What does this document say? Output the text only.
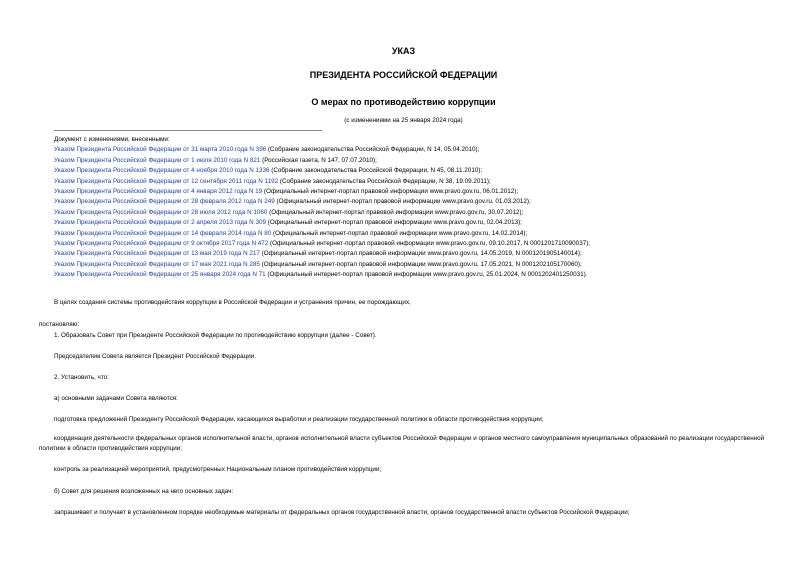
УКАЗ
ПРЕЗИДЕНТА РОССИЙСКОЙ ФЕДЕРАЦИИ
О мерах по противодействию коррупции
(с изменениями на 25 января 2024 года)
Документ с изменениями, внесенными:
Указом Президента Российской Федерации от 31 марта 2010 года N 396 (Собрание законодательства Российской Федерации, N 14, 05.04.2010);
Указом Президента Российской Федерации от 1 июля 2010 года N 821 (Российская газета, N 147, 07.07.2010);
Указом Президента Российской Федерации от 4 ноября 2010 года N 1336 (Собрание законодательства Российской Федерации, N 45, 08.11.2010);
Указом Президента Российской Федерации от 12 сентября 2011 года N 1192 (Собрание законодательства Российской Федерации, N 38, 19.09.2011);
Указом Президента Российской Федерации от 4 января 2012 года N 19 (Официальный интернет-портал правовой информации www.pravo.gov.ru, 06.01.2012);
Указом Президента Российской Федерации от 28 февраля 2012 года N 249 (Официальный интернет-портал правовой информации www.pravo.gov.ru, 01.03.2012);
Указом Президента Российской Федерации от 28 июля 2012 года N 1060 (Официальный интернет-портал правовой информации www.pravo.gov.ru, 30.07.2012);
Указом Президента Российской Федерации от 2 апреля 2013 года N 309 (Официальный интернет-портал правовой информации www.pravo.gov.ru, 02.04.2013);
Указом Президента Российской Федерации от 14 февраля 2014 года N 80 (Официальный интернет-портал правовой информации www.pravo.gov.ru, 14.02.2014);
Указом Президента Российской Федерации от 9 октября 2017 года N 472 (Официальный интернет-портал правовой информации www.pravo.gov.ru, 09.10.2017, N 0001201710090037);
Указом Президента Российской Федерации от 13 мая 2019 года N 217 (Официальный интернет-портал правовой информации www.pravo.gov.ru, 14.05.2019, N 0001201905140014);
Указом Президента Российской Федерации от 17 мая 2021 года N 285 (Официальный интернет-портал правовой информации www.pravo.gov.ru, 17.05.2021, N 0001202105170060);
Указом Президента Российской Федерации от 25 января 2024 года N 71 (Официальный интернет-портал правовой информации www.pravo.gov.ru, 25.01.2024, N 0001202401250031).
В целях создания системы противодействия коррупции в Российской Федерации и устранения причин, ее порождающих,
постановляю:
1. Образовать Совет при Президенте Российской Федерации по противодействию коррупции (далее - Совет).
Председателем Совета является Президент Российской Федерации.
2. Установить, что:
а) основными задачами Совета являются:
подготовка предложений Президенту Российской Федерации, касающихся выработки и реализации государственной политики в области противодействия коррупции;
координация деятельности федеральных органов исполнительной власти, органов исполнительной власти субъектов Российской Федерации и органов местного самоуправления муниципальных образований по реализации государственной политики в области противодействия коррупции;
контроль за реализацией мероприятий, предусмотренных Национальным планом противодействия коррупции;
б) Совет для решения возложенных на него основных задач:
запрашивает и получает в установленном порядке необходимые материалы от федеральных органов государственной власти, органов государственной власти субъектов Российской Федерации;
